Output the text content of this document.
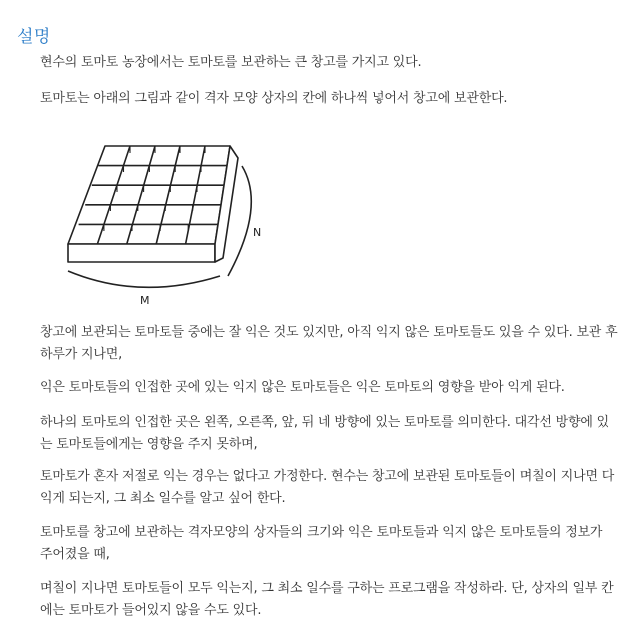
설명

현수의 토마토 농장에서는 토마토를 보관하는 큰 창고를 가지고 있다.

토마토는 아래의 그림과 같이 격자 모양 상자의 칸에 하나씩 넣어서 창고에 보관한다.

N
M

창고에 보관되는 토마토들 중에는 잘 익은 것도 있지만, 아직 익지 않은 토마토들도 있을 수 있다. 보관 후 하루가 지나면,

익은 토마토들의 인접한 곳에 있는 익지 않은 토마토들은 익은 토마토의 영향을 받아 익게 된다.

하나의 토마토의 인접한 곳은 왼쪽, 오른쪽, 앞, 뒤 네 방향에 있는 토마토를 의미한다. 대각선 방향에 있는 토마토들에게는 영향을 주지 못하며,

토마토가 혼자 저절로 익는 경우는 없다고 가정한다. 현수는 창고에 보관된 토마토들이 며칠이 지나면 다 익게 되는지, 그 최소 일수를 알고 싶어 한다.

토마토를 창고에 보관하는 격자모양의 상자들의 크기와 익은 토마토들과 익지 않은 토마토들의 정보가 주어졌을 때,

며칠이 지나면 토마토들이 모두 익는지, 그 최소 일수를 구하는 프로그램을 작성하라. 단, 상자의 일부 칸에는 토마토가 들어있지 않을 수도 있다.
